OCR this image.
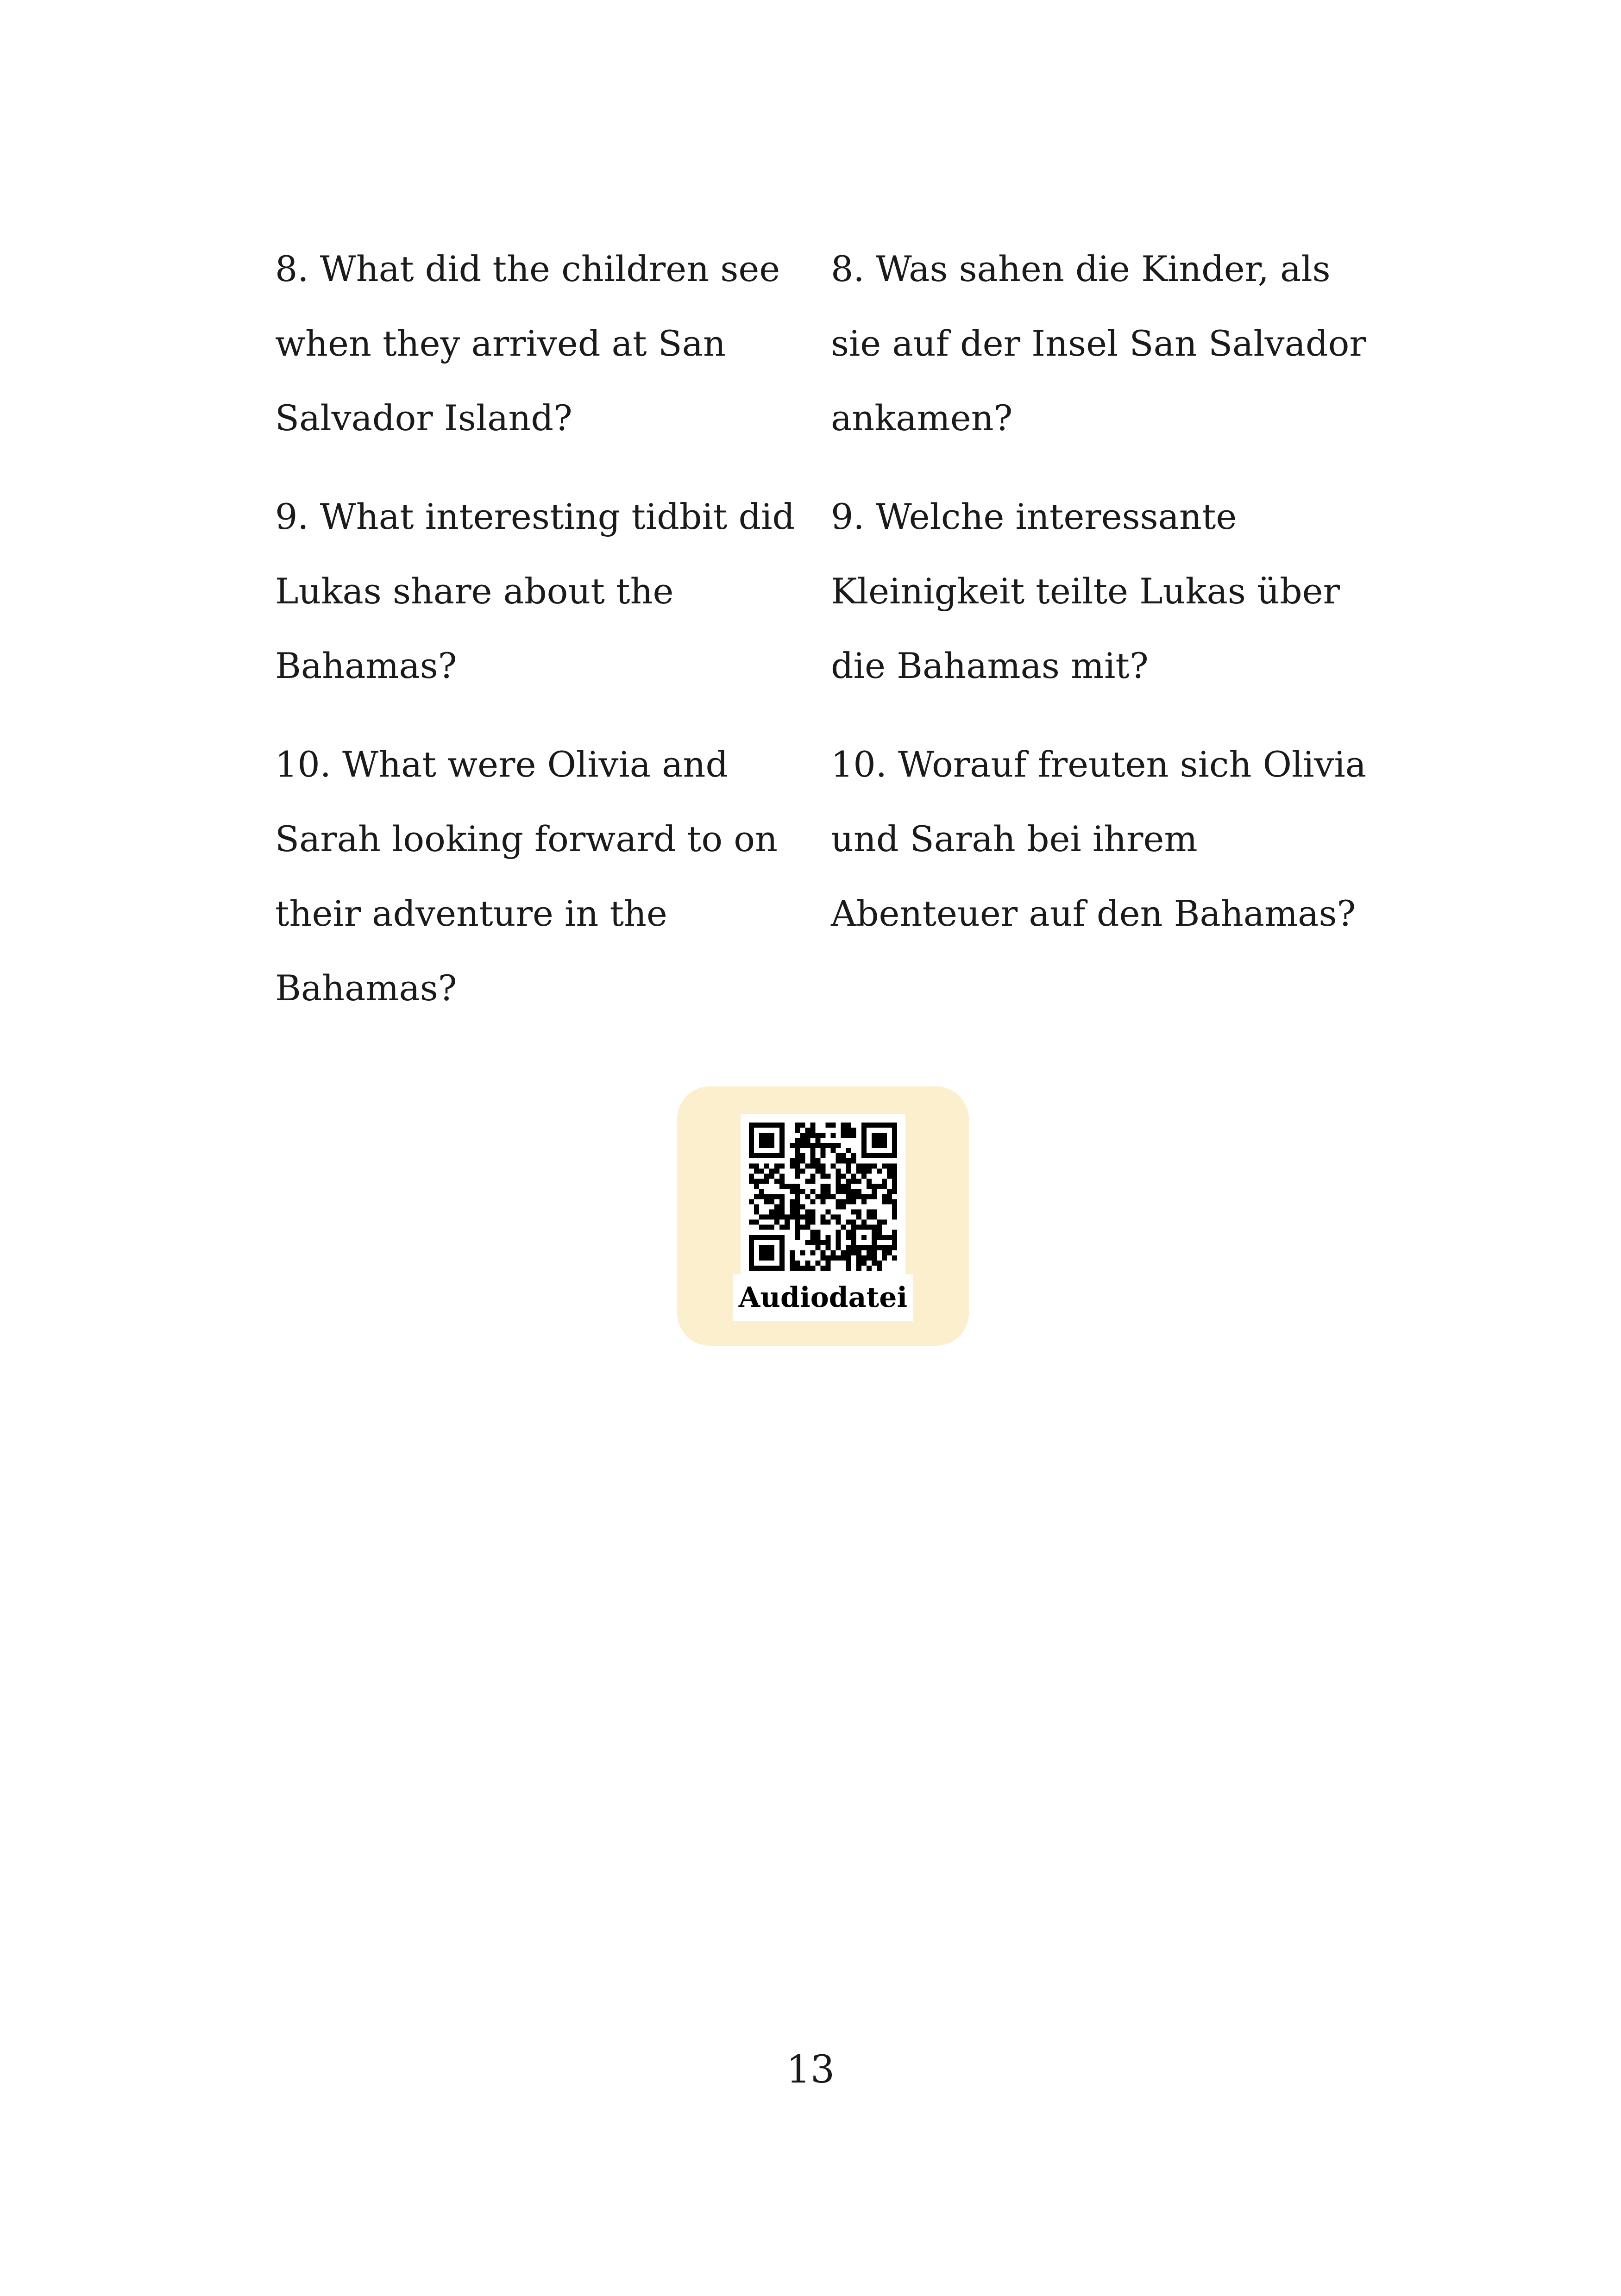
8. What did the children see when they arrived at San Salvador Island?

8. Was sahen die Kinder, als sie auf der Insel San Salvador ankamen?

9. What interesting tidbit did Lukas share about the Bahamas?

9. Welche interessante Kleinigkeit teilte Lukas über die Bahamas mit?

10. What were Olivia and Sarah looking forward to on their adventure in the Bahamas?

10. Worauf freuten sich Olivia und Sarah bei ihrem Abenteuer auf den Bahamas?

Audiodatei
13
